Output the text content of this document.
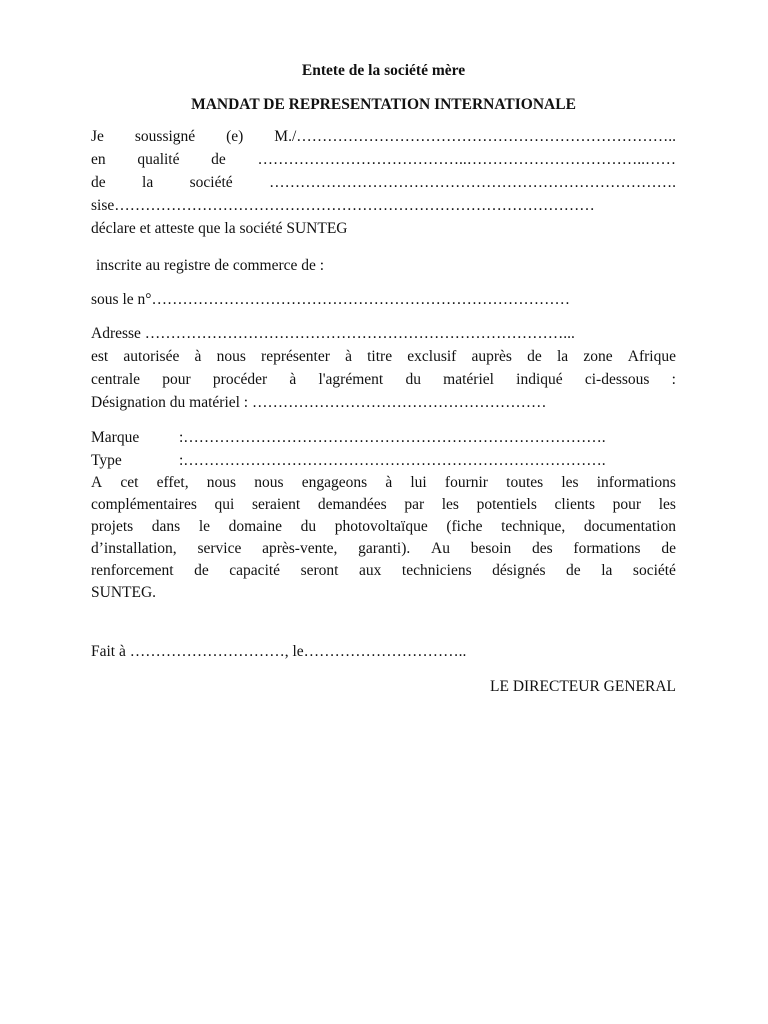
Entete de la société mère
MANDAT DE REPRESENTATION INTERNATIONALE
Je soussigné (e) M./………………………………………………………………..
en qualité de …………………………………..……………………………..……
de la société …………………………………………………………………….
sise…………………………………………………………………………………
déclare et atteste que la société SUNTEG
inscrite au registre de commerce de :
sous le n°………………………………………………………………………
Adresse ………………………………………………………………………...
est autorisée à nous représenter à titre exclusif auprès de la zone Afrique
centrale pour procéder à l'agrément du matériel indiqué ci-dessous :
Désignation du matériel : …………………………………………………
Marque	:……………………………………………………………………….
Type	:……………………………………………………………………….
A cet effet, nous nous engageons à lui fournir toutes les informations
complémentaires qui seraient demandées par les potentiels clients pour les
projets dans le domaine du photovoltaïque (fiche technique, documentation
d’installation, service après-vente, garanti). Au besoin des formations de
renforcement de capacité seront aux techniciens désignés de la société
SUNTEG.
Fait à …………………………, le…………………………..
LE DIRECTEUR GENERAL
